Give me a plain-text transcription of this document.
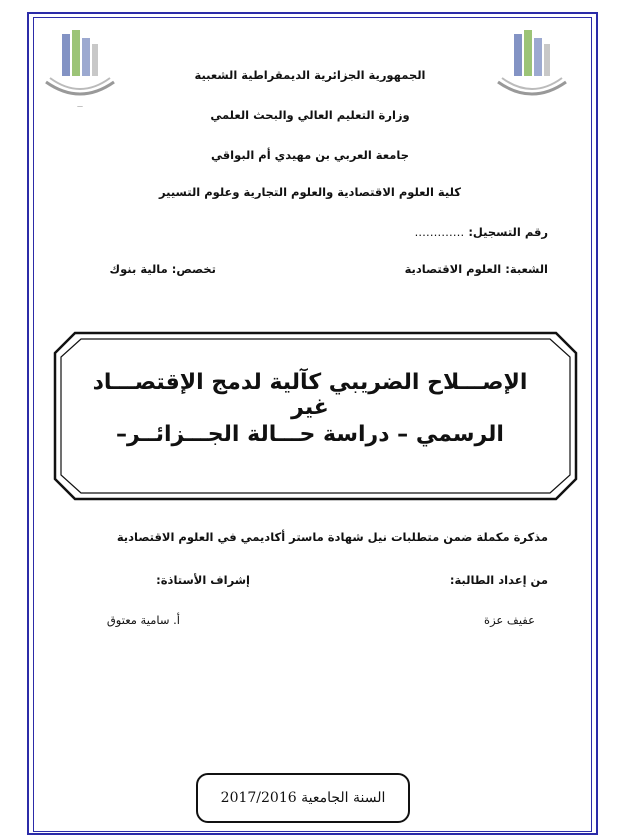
—
الجمهورية الجزائرية الديمقراطية الشعبية
وزارة التعليم العالي والبحث العلمي
جامعة العربي بن مهيدي أم البواقي
كلية العلوم الاقتصادية والعلوم التجارية وعلوم التسيير
رقم التسجيل: ………….
الشعبة: العلوم الاقتصادية
تخصص: مالية بنوك
الإصـــلاح الضريبي كآلية لدمج الإقتصـــاد غير
الرسمي – دراسة حـــالة الجـــزائــر–
مذكرة مكملة ضمن متطلبات نيل شهادة ماستر أكاديمي في العلوم الاقتصادية
من إعداد الطالبة:
إشراف الأستاذة:
عفيف عزة
أ. سامية معتوق
السنة الجامعية 2017/2016
